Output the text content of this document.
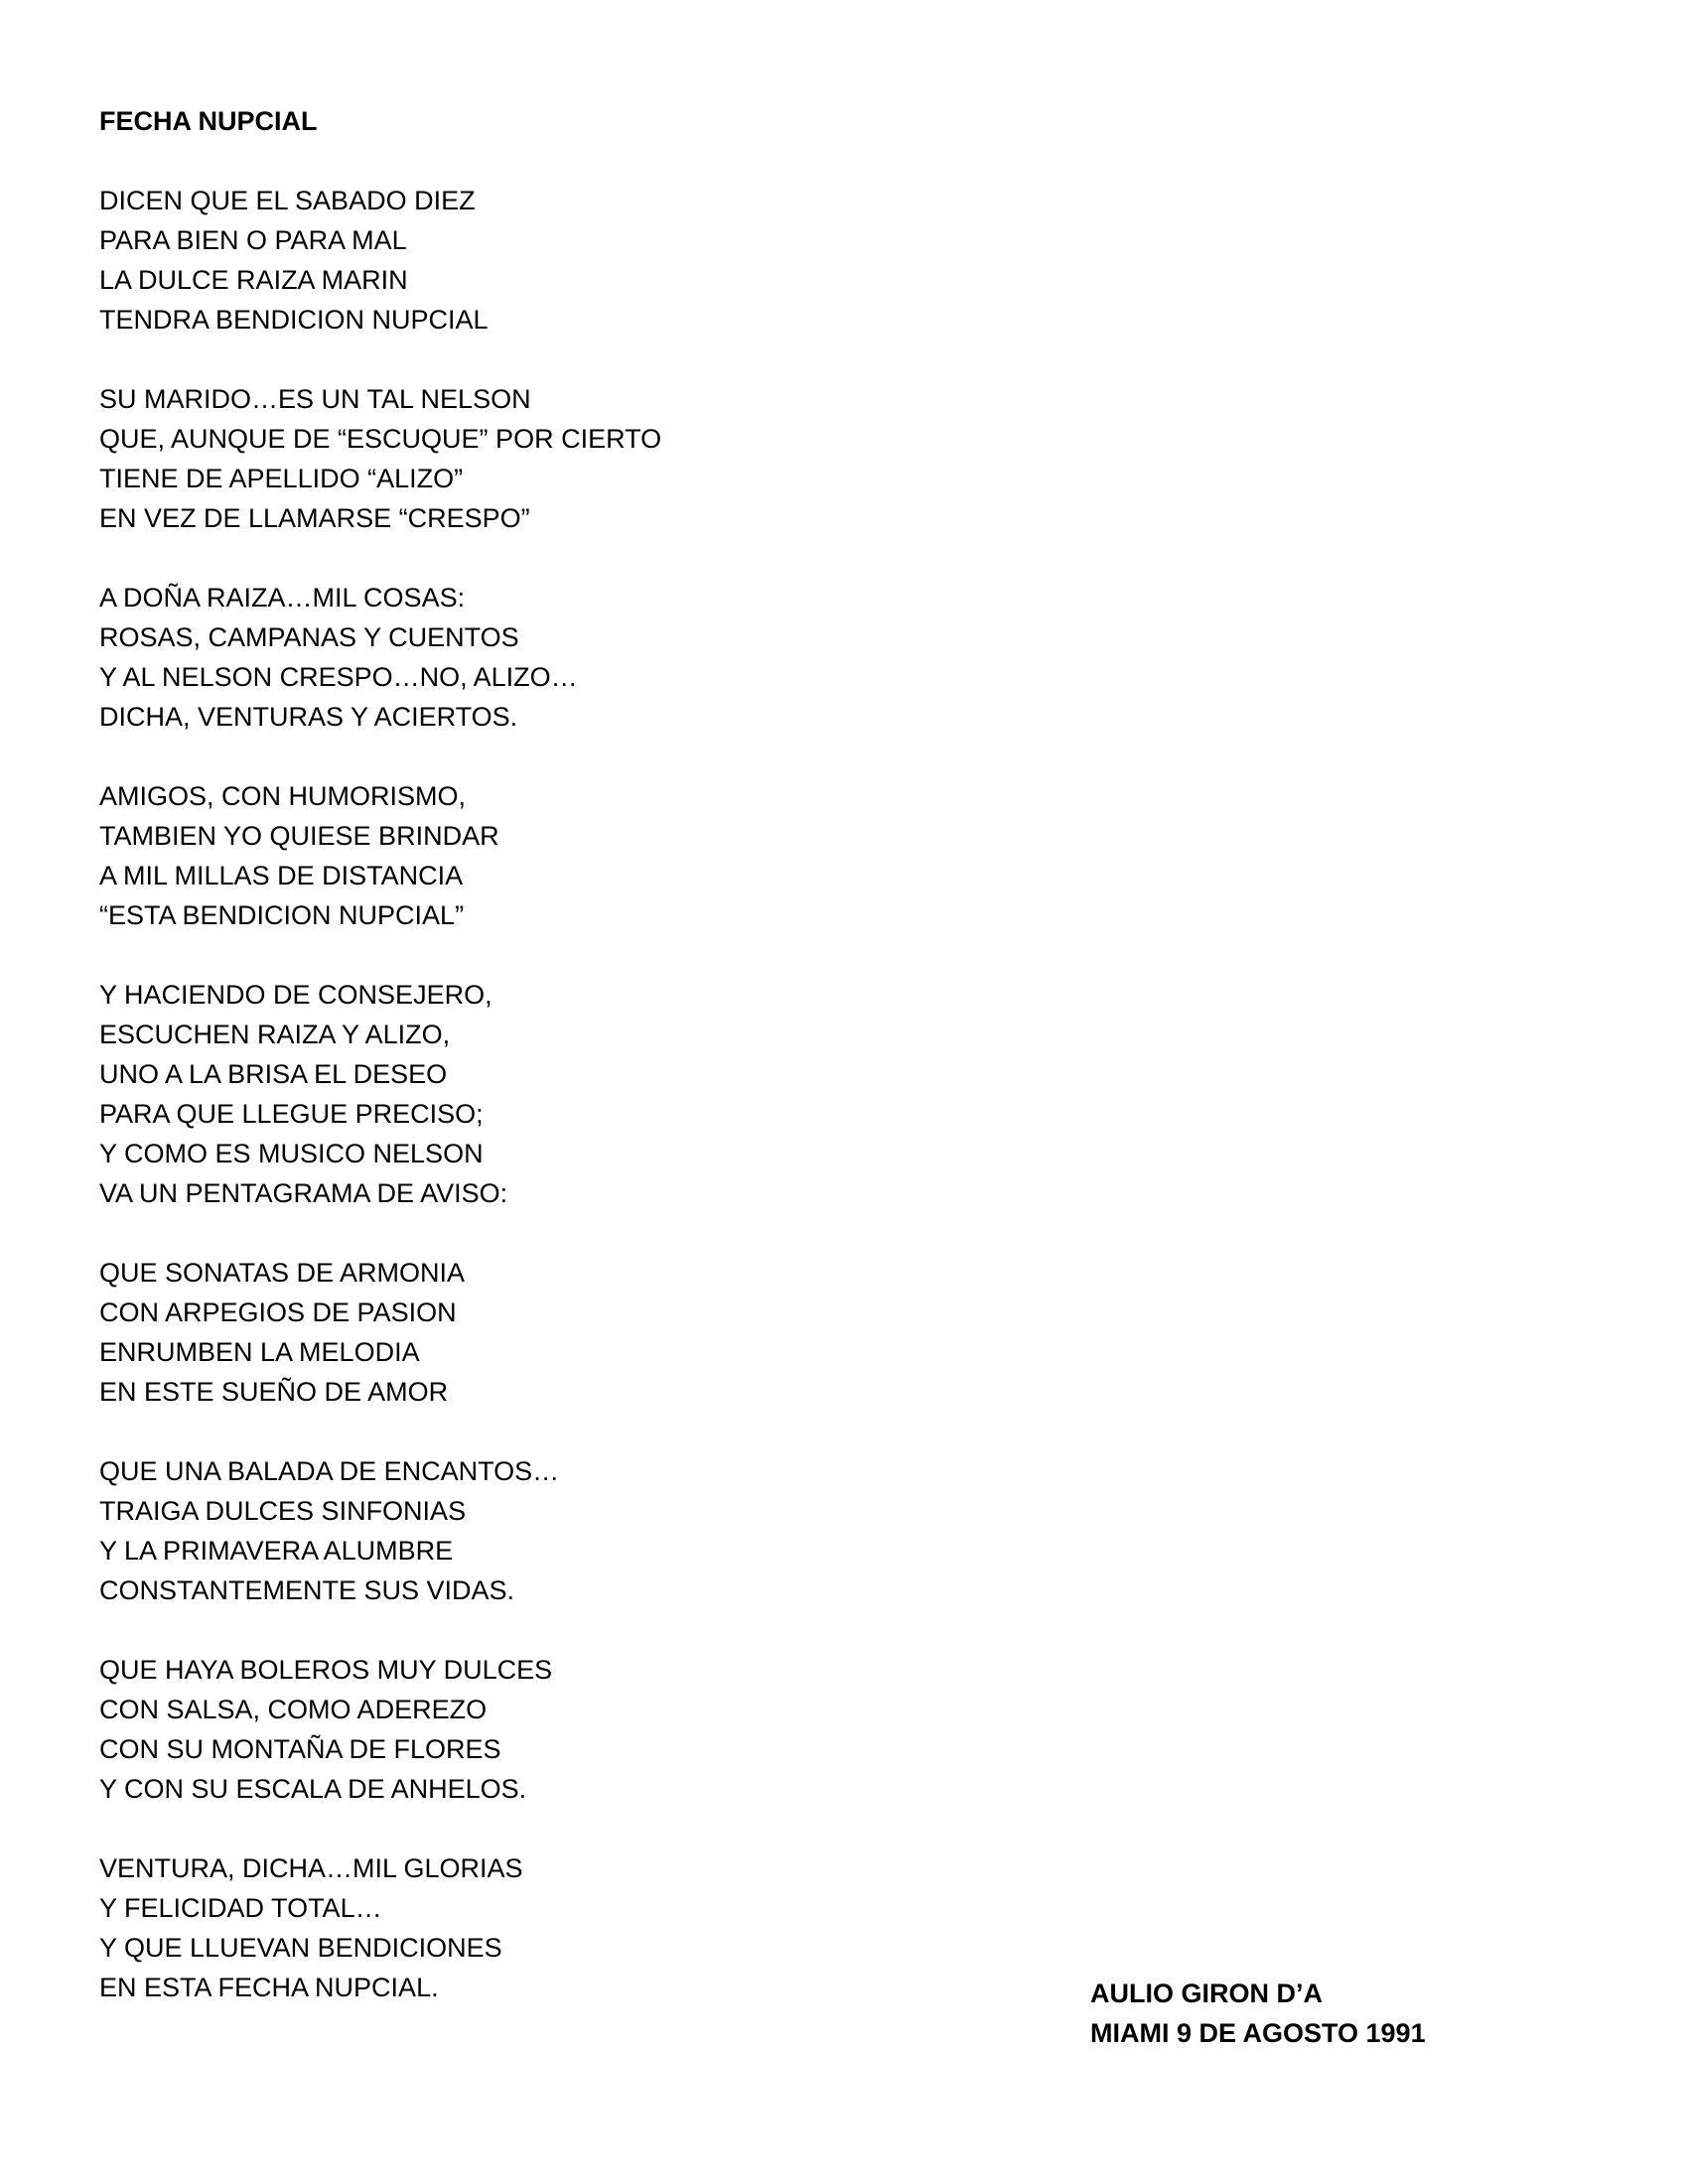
FECHA NUPCIAL
DICEN QUE EL SABADO DIEZ
PARA BIEN O PARA MAL
LA DULCE RAIZA MARIN
TENDRA BENDICION NUPCIAL
SU MARIDO…ES UN TAL NELSON
QUE, AUNQUE DE “ESCUQUE” POR CIERTO
TIENE DE APELLIDO “ALIZO”
EN VEZ DE LLAMARSE “CRESPO”
A DOÑA RAIZA…MIL COSAS:
ROSAS, CAMPANAS Y CUENTOS
Y AL NELSON CRESPO…NO, ALIZO…
DICHA, VENTURAS Y ACIERTOS.
AMIGOS, CON HUMORISMO,
TAMBIEN YO QUIESE BRINDAR
A MIL MILLAS DE DISTANCIA
“ESTA BENDICION NUPCIAL”
Y HACIENDO DE CONSEJERO,
ESCUCHEN RAIZA Y ALIZO,
UNO A LA BRISA EL DESEO
PARA QUE LLEGUE PRECISO;
Y COMO ES MUSICO NELSON
VA UN PENTAGRAMA DE AVISO:
QUE SONATAS DE ARMONIA
CON ARPEGIOS DE PASION
ENRUMBEN LA MELODIA
EN ESTE SUEÑO DE AMOR
QUE UNA BALADA DE ENCANTOS…
TRAIGA DULCES SINFONIAS
Y LA PRIMAVERA ALUMBRE
CONSTANTEMENTE SUS VIDAS.
QUE HAYA BOLEROS MUY DULCES
CON SALSA, COMO ADEREZO
CON SU MONTAÑA DE FLORES
Y CON SU ESCALA DE ANHELOS.
VENTURA, DICHA…MIL GLORIAS
Y FELICIDAD TOTAL…
Y QUE LLUEVAN BENDICIONES
EN ESTA FECHA NUPCIAL.	AULIO GIRON D’A
MIAMI 9 DE AGOSTO 1991
